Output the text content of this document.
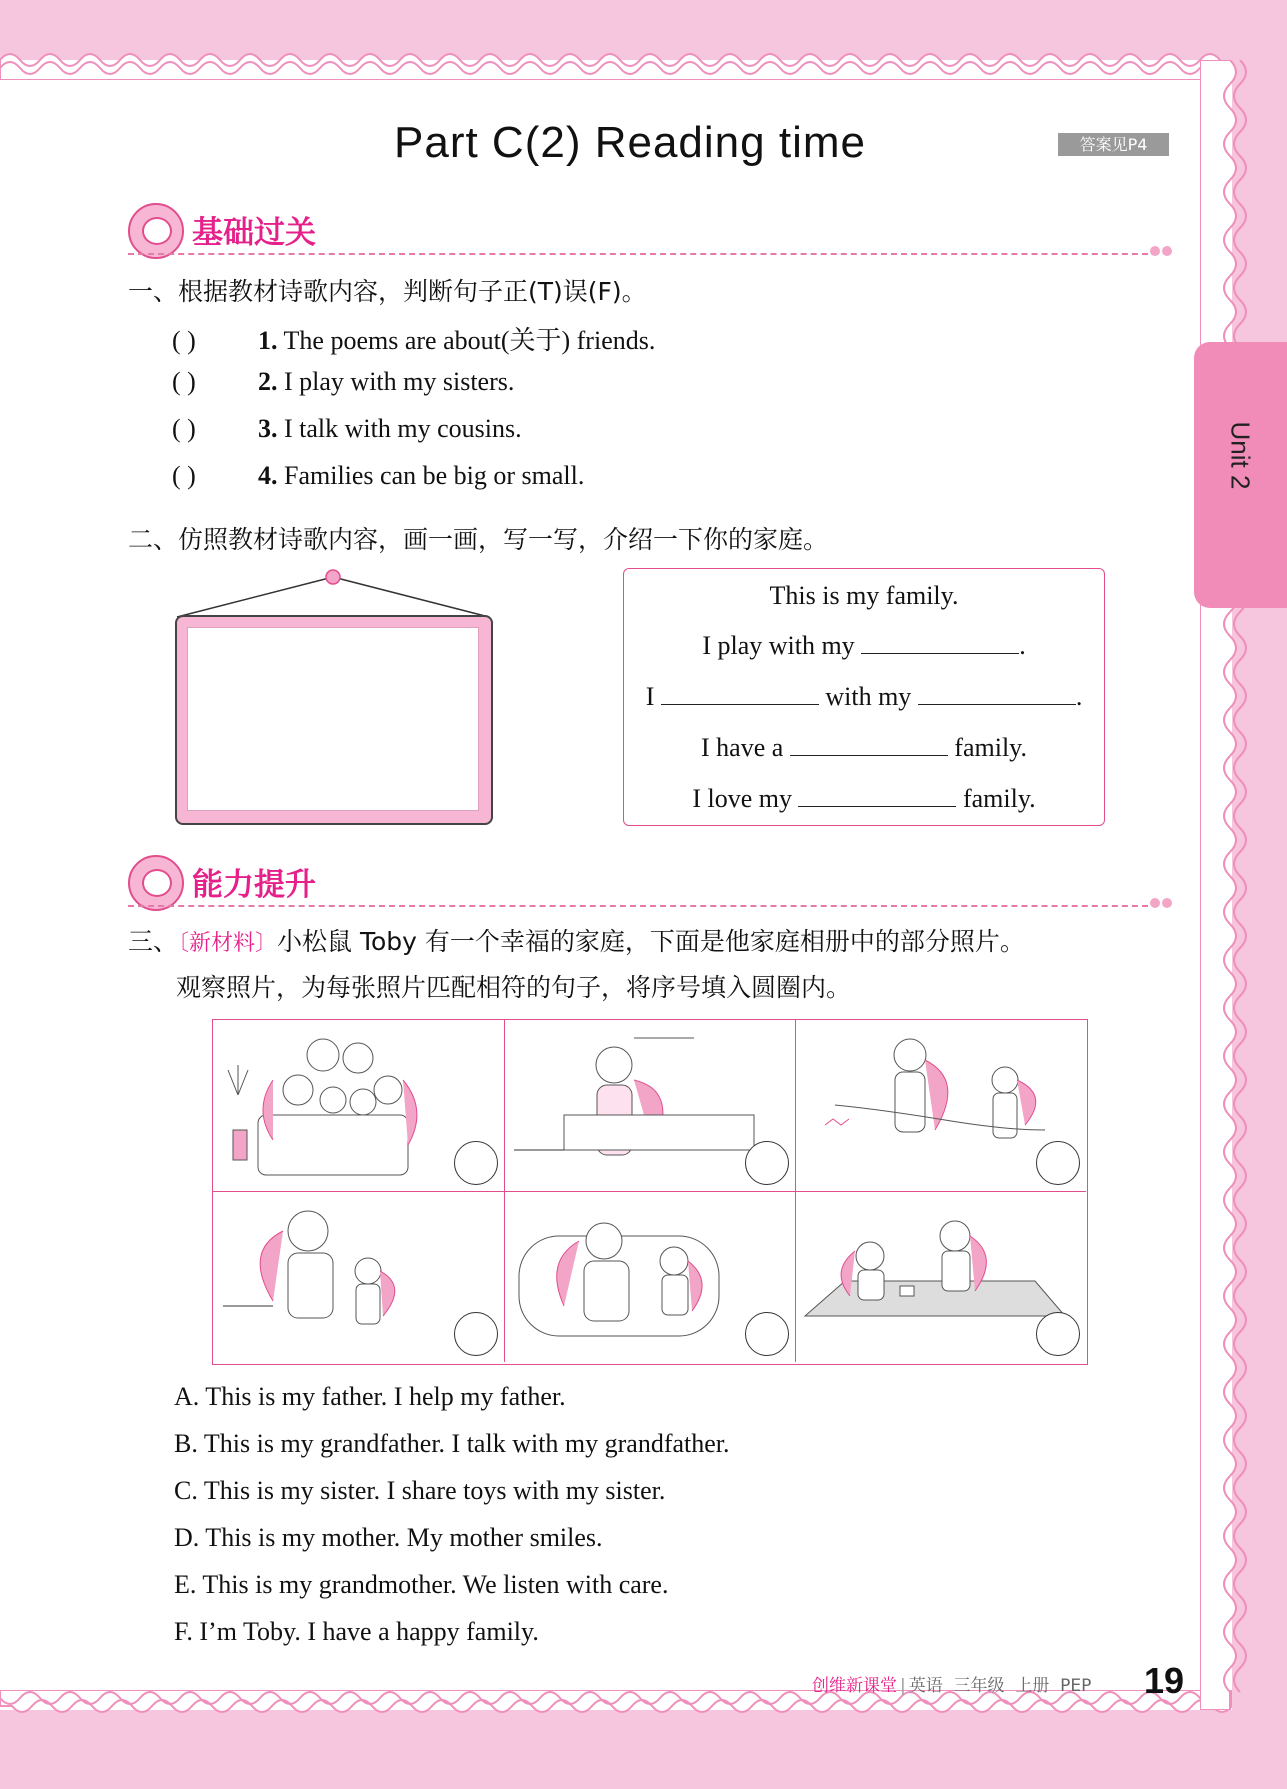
Unit 2
Part C(2) Reading time	答案见P4
基础过关
一、根据教材诗歌内容，判断句子正(T)误(F)。
( ) 1. The poems are about(关于) friends.
( ) 2. I play with my sisters.
( ) 3. I talk with my cousins.
( ) 4. Families can be big or small.
二、仿照教材诗歌内容，画一画，写一写，介绍一下你的家庭。
This is my family.
I play with my	.
I	with my	.
I have a	family.
I love my	family.
能力提升
三、〔新材料〕小松鼠 Toby 有一个幸福的家庭，下面是他家庭相册中的部分照片。
观察照片，为每张照片匹配相符的句子，将序号填入圆圈内。
A. This is my father. I help my father.
B. This is my grandfather. I talk with my grandfather.
C. This is my sister. I share toys with my sister.
D. This is my mother. My mother smiles.
E. This is my grandmother. We listen with care.
F. I’m Toby. I have a happy family.
创维新课堂 | 英语 三年级 上册 PEP 19
